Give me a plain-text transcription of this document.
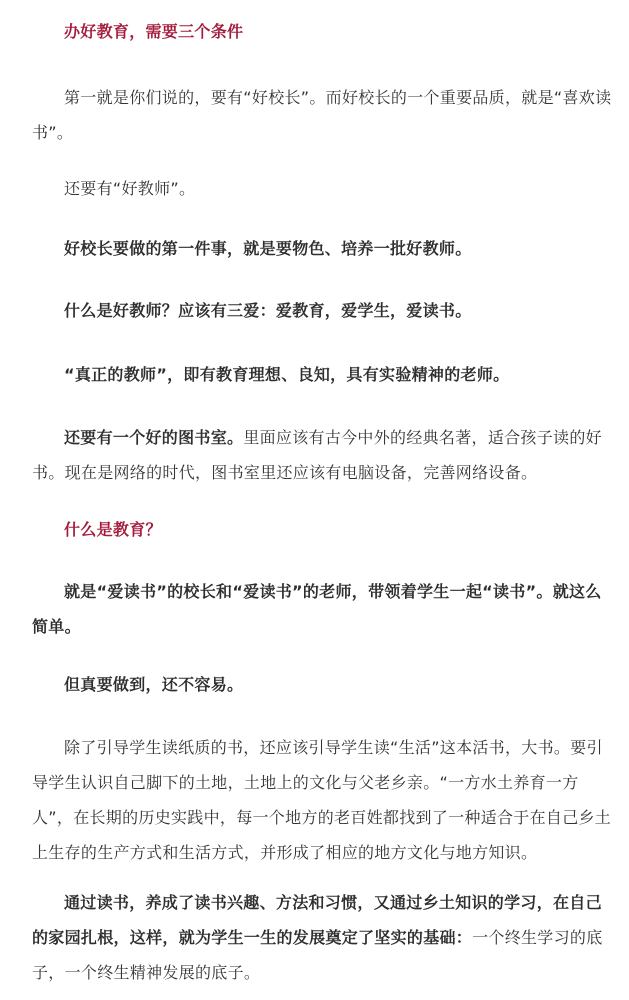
办好教育，需要三个条件

第一就是你们说的，要有“好校长”。而好校长的一个重要品质，就是“喜欢读书”。

还要有“好教师”。

好校长要做的第一件事，就是要物色、培养一批好教师。

什么是好教师？应该有三爱：爱教育，爱学生，爱读书。

“真正的教师”，即有教育理想、良知，具有实验精神的老师。

还要有一个好的图书室。里面应该有古今中外的经典名著，适合孩子读的好书。现在是网络的时代，图书室里还应该有电脑设备，完善网络设备。

什么是教育？

就是“爱读书”的校长和“爱读书”的老师，带领着学生一起“读书”。就这么简单。

但真要做到，还不容易。

除了引导学生读纸质的书，还应该引导学生读“生活”这本活书，大书。要引导学生认识自己脚下的土地，土地上的文化与父老乡亲。“一方水土养育一方人”，在长期的历史实践中，每一个地方的老百姓都找到了一种适合于在自己乡土上生存的生产方式和生活方式，并形成了相应的地方文化与地方知识。

通过读书，养成了读书兴趣、方法和习惯，又通过乡土知识的学习，在自己的家园扎根，这样，就为学生一生的发展奠定了坚实的基础：一个终生学习的底子，一个终生精神发展的底子。
